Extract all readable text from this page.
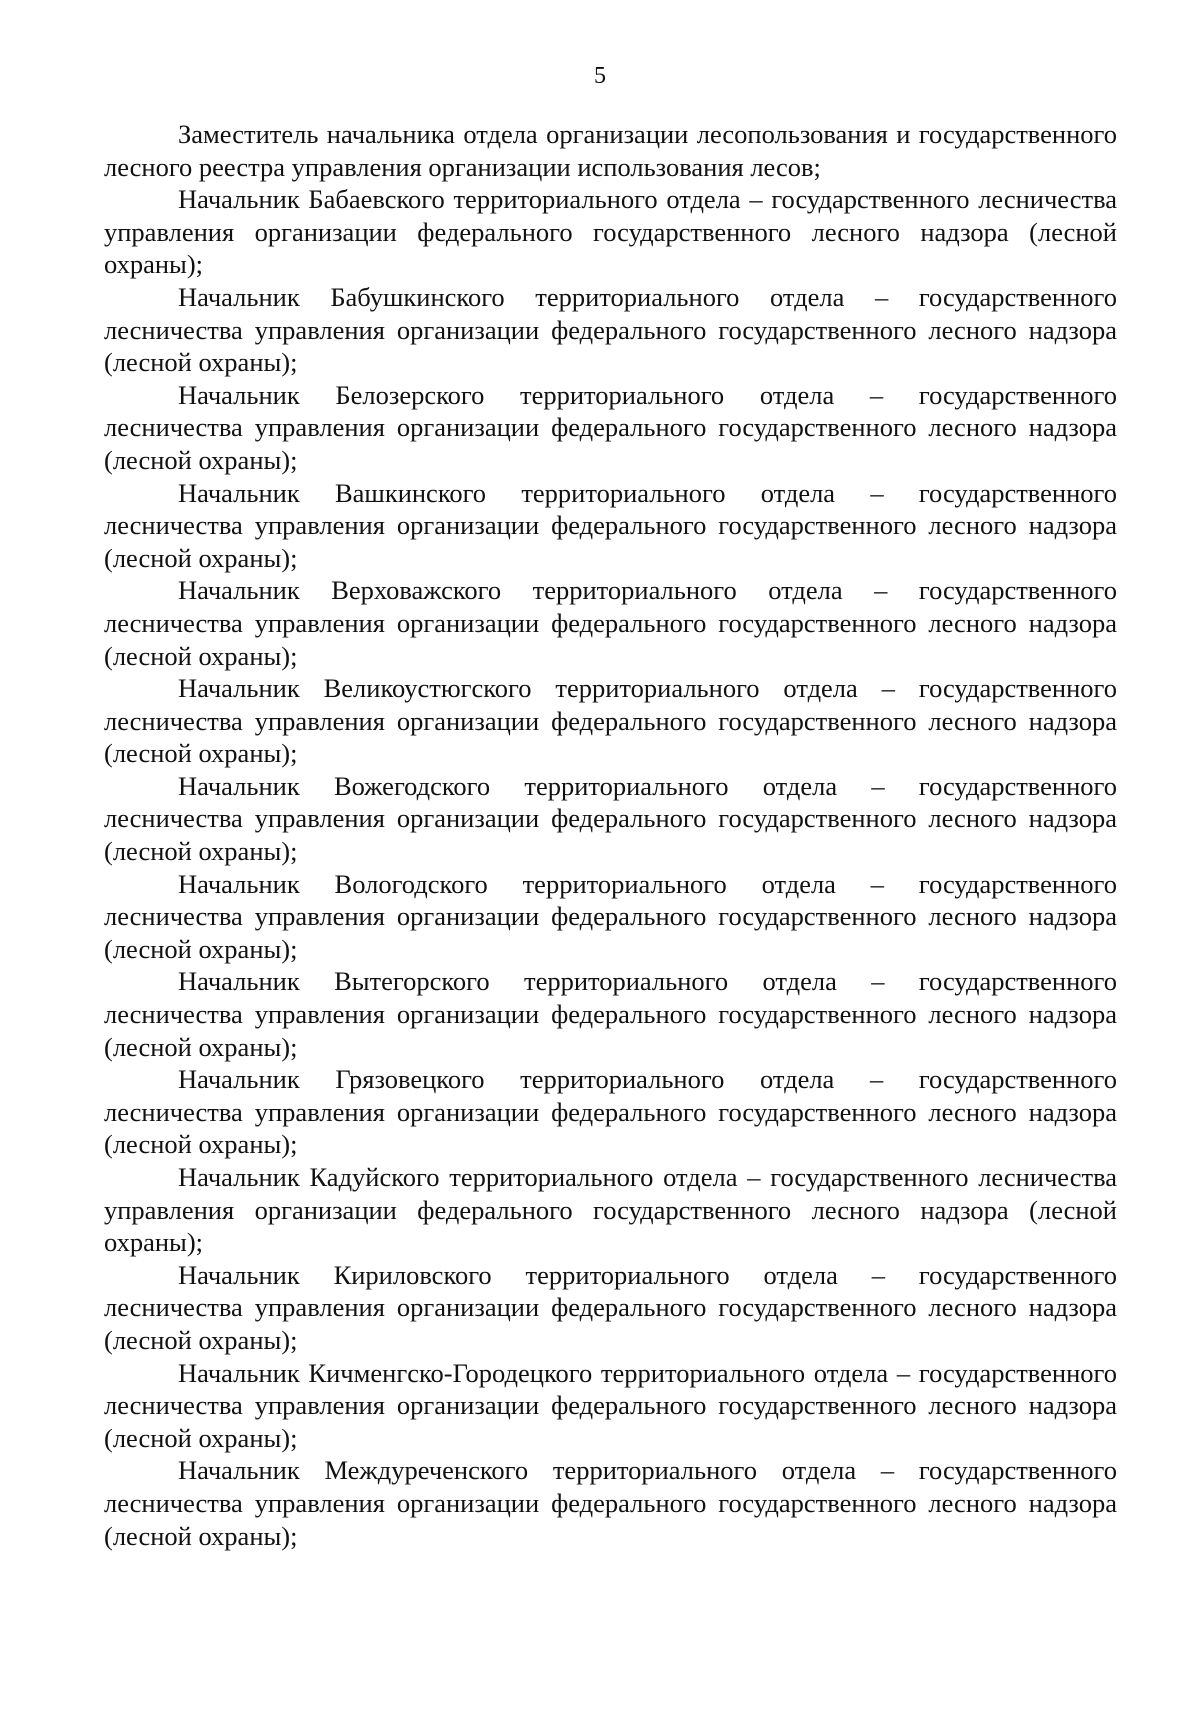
5

Заместитель начальника отдела организации лесопользования и государственного лесного реестра управления организации использования лесов;

Начальник Бабаевского территориального отдела – государственного лесничества управления организации федерального государственного лесного надзора (лесной охраны);

Начальник Бабушкинского территориального отдела – государственного лесничества управления организации федерального государственного лесного надзора (лесной охраны);

Начальник Белозерского территориального отдела – государственного лесничества управления организации федерального государственного лесного надзора (лесной охраны);

Начальник Вашкинского территориального отдела – государственного лесничества управления организации федерального государственного лесного надзора (лесной охраны);

Начальник Верховажского территориального отдела – государственного лесничества управления организации федерального государственного лесного надзора (лесной охраны);

Начальник Великоустюгского территориального отдела – государственного лесничества управления организации федерального государственного лесного надзора (лесной охраны);

Начальник Вожегодского территориального отдела – государственного лесничества управления организации федерального государственного лесного надзора (лесной охраны);

Начальник Вологодского территориального отдела – государственного лесничества управления организации федерального государственного лесного надзора (лесной охраны);

Начальник Вытегорского территориального отдела – государственного лесничества управления организации федерального государственного лесного надзора (лесной охраны);

Начальник Грязовецкого территориального отдела – государственного лесничества управления организации федерального государственного лесного надзора (лесной охраны);

Начальник Кадуйского территориального отдела – государственного лесничества управления организации федерального государственного лесного надзора (лесной охраны);

Начальник Кириловского территориального отдела – государственного лесничества управления организации федерального государственного лесного надзора (лесной охраны);

Начальник Кичменгско-Городецкого территориального отдела – государственного лесничества управления организации федерального государственного лесного надзора (лесной охраны);

Начальник Междуреченского территориального отдела – государственного лесничества управления организации федерального государственного лесного надзора (лесной охраны);
